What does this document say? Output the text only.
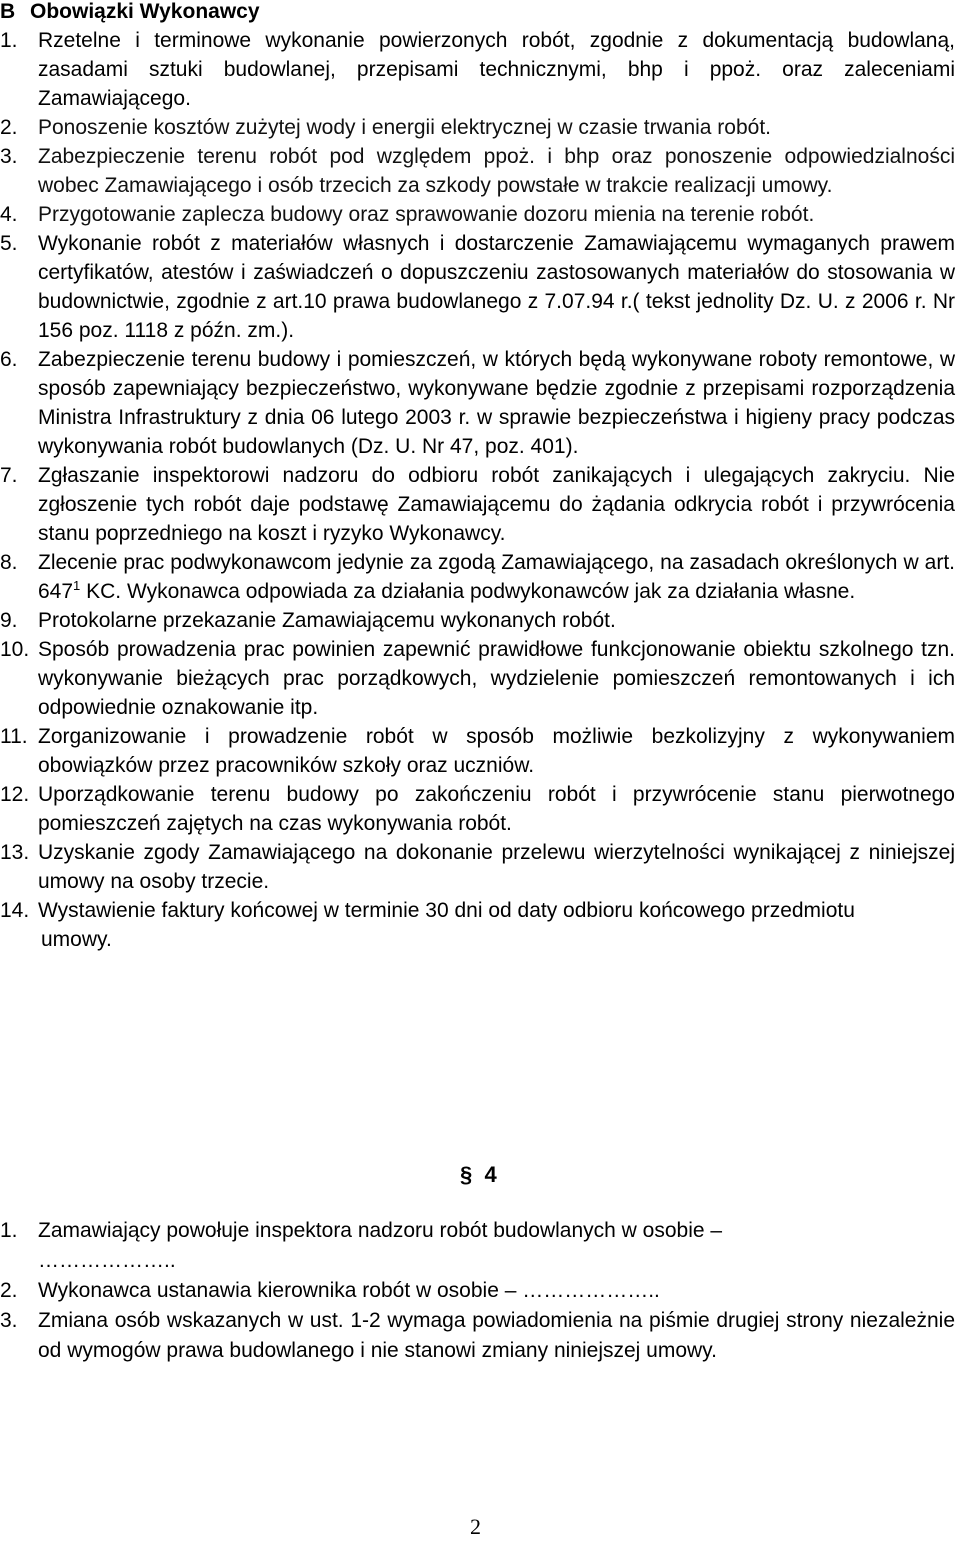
B Obowiązki Wykonawcy
1. Rzetelne i terminowe wykonanie powierzonych robót, zgodnie z dokumentacją budowlaną, zasadami sztuki budowlanej, przepisami technicznymi, bhp i ppoż. oraz zaleceniami Zamawiającego.
2. Ponoszenie kosztów zużytej wody i energii elektrycznej w czasie trwania robót.
3. Zabezpieczenie terenu robót pod względem ppoż. i bhp oraz ponoszenie odpowiedzialności wobec Zamawiającego i osób trzecich za szkody powstałe w trakcie realizacji umowy.
4. Przygotowanie zaplecza budowy oraz sprawowanie dozoru mienia na terenie robót.
5. Wykonanie robót z materiałów własnych i dostarczenie Zamawiającemu wymaganych prawem certyfikatów, atestów i zaświadczeń o dopuszczeniu zastosowanych materiałów do stosowania w budownictwie, zgodnie z art.10 prawa budowlanego z 7.07.94 r.( tekst jednolity Dz. U. z 2006 r. Nr 156 poz. 1118 z późn. zm.).
6. Zabezpieczenie terenu budowy i pomieszczeń, w których będą wykonywane roboty remontowe, w sposób zapewniający bezpieczeństwo, wykonywane będzie zgodnie z przepisami rozporządzenia Ministra Infrastruktury z dnia 06 lutego 2003 r. w sprawie bezpieczeństwa i higieny pracy podczas wykonywania robót budowlanych (Dz. U. Nr 47, poz. 401).
7. Zgłaszanie inspektorowi nadzoru do odbioru robót zanikających i ulegających zakryciu. Nie zgłoszenie tych robót daje podstawę Zamawiającemu do żądania odkrycia robót i przywrócenia stanu poprzedniego na koszt i ryzyko Wykonawcy.
8. Zlecenie prac podwykonawcom jedynie za zgodą Zamawiającego, na zasadach określonych w art. $647^1$ KC. Wykonawca odpowiada za działania podwykonawców jak za działania własne.
9. Protokolarne przekazanie Zamawiającemu wykonanych robót.
10. Sposób prowadzenia prac powinien zapewnić prawidłowe funkcjonowanie obiektu szkolnego tzn. wykonywanie bieżących prac porządkowych, wydzielenie pomieszczeń remontowanych i ich odpowiednie oznakowanie itp.
11. Zorganizowanie i prowadzenie robót w sposób możliwie bezkolizyjny z wykonywaniem obowiązków przez pracowników szkoły oraz uczniów.
12. Uporządkowanie terenu budowy po zakończeniu robót i przywrócenie stanu pierwotnego pomieszczeń zajętych na czas wykonywania robót.
13. Uzyskanie zgody Zamawiającego na dokonanie przelewu wierzytelności wynikającej z niniejszej umowy na osoby trzecie.
14. Wystawienie faktury końcowej w terminie 30 dni od daty odbioru końcowego przedmiotu
umowy.
§ 4
1. Zamawiający powołuje inspektora nadzoru robót budowlanych w osobie –
………………..
2. Wykonawca ustanawia kierownika robót w osobie – ………………..
3. Zmiana osób wskazanych w ust. 1-2 wymaga powiadomienia na piśmie drugiej strony niezależnie od wymogów prawa budowlanego i nie stanowi zmiany niniejszej umowy.
2
